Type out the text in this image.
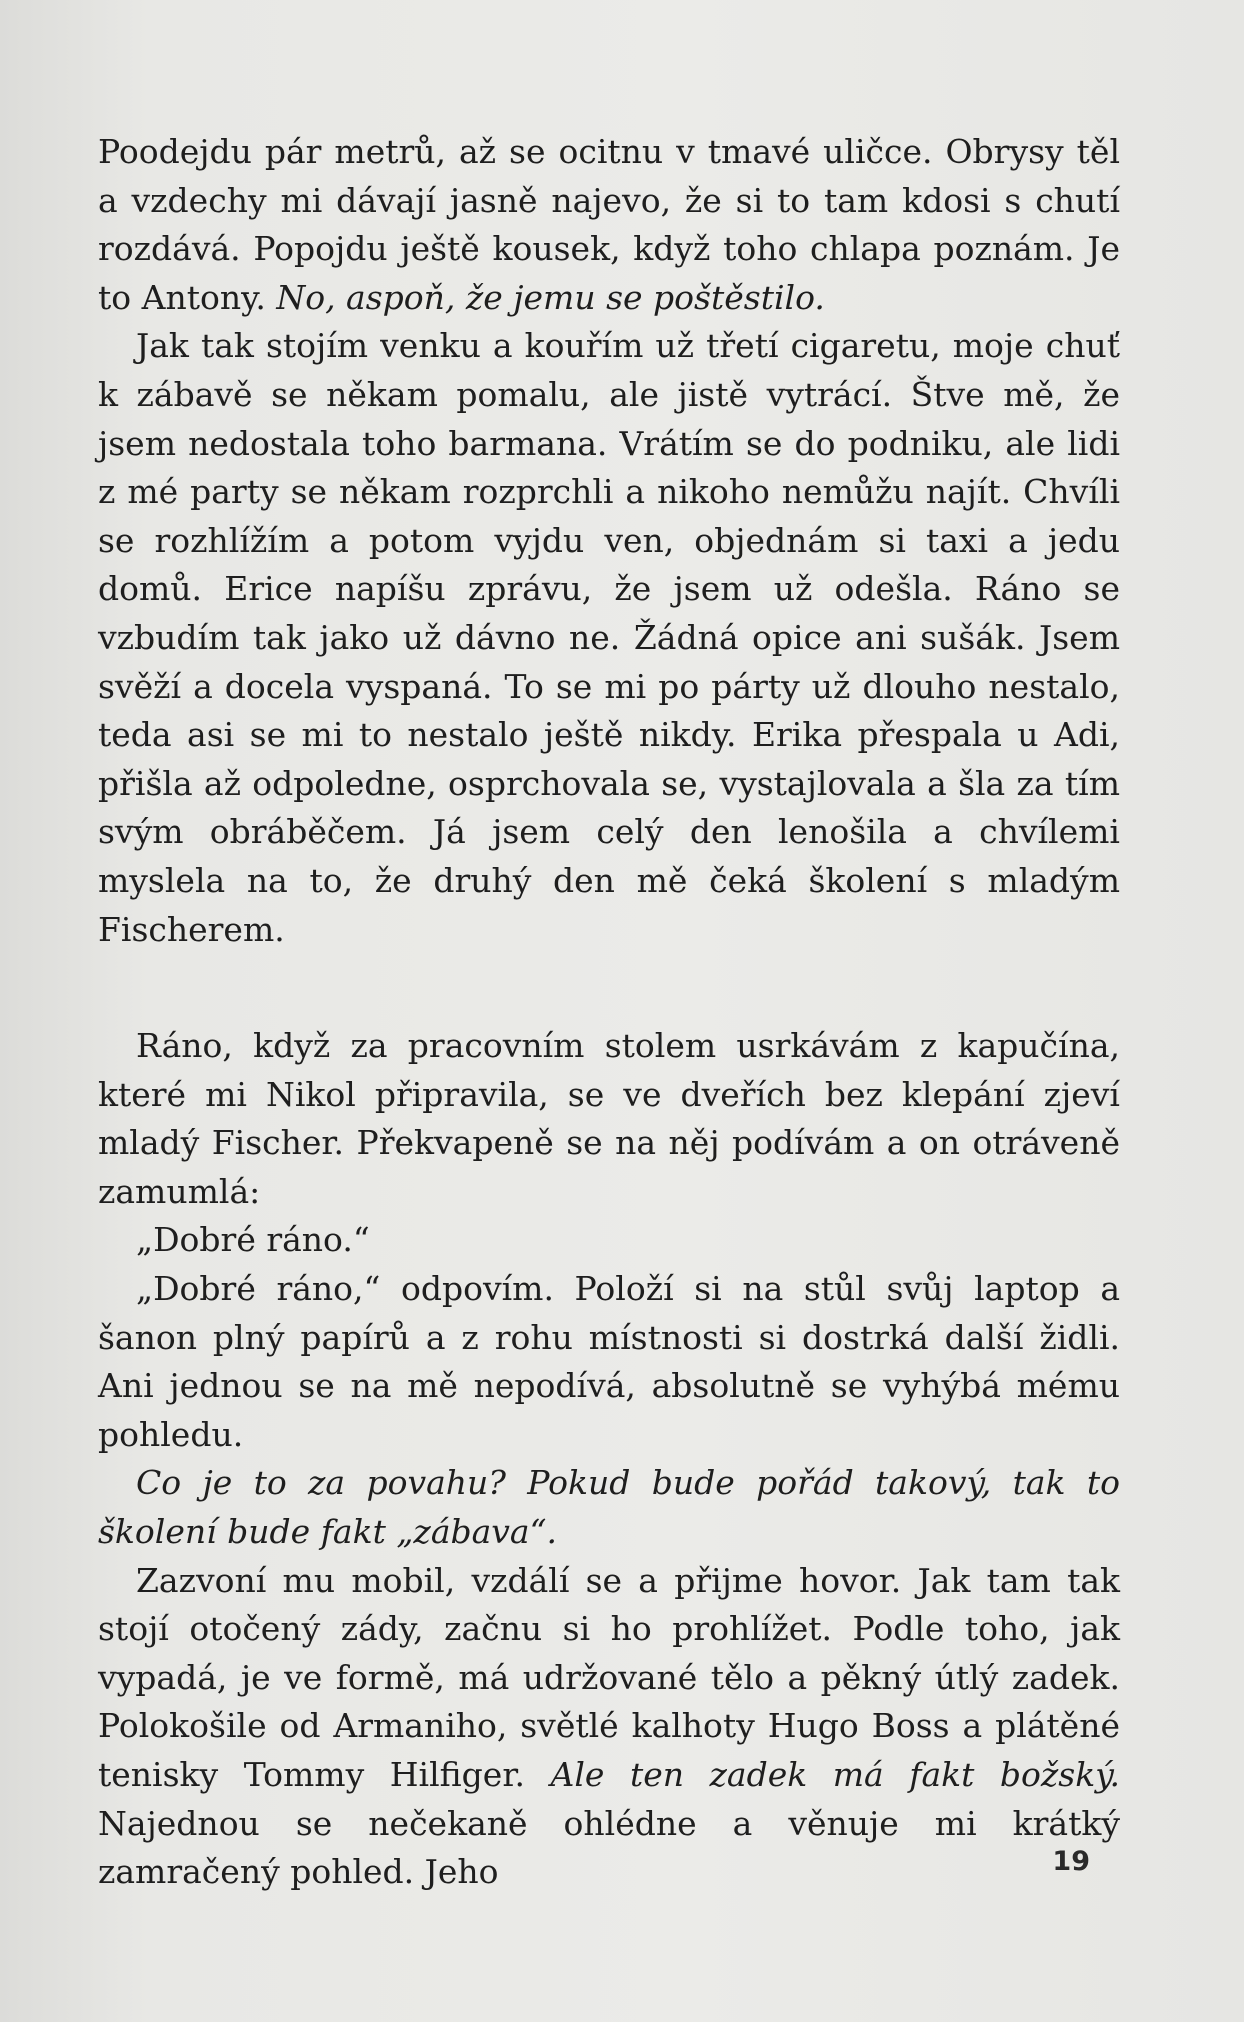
Poodejdu pár metrů, až se ocitnu v tmavé uličce. Obrysy těl a vzdechy mi dávají jasně najevo, že si to tam kdosi s chutí rozdává. Popojdu ještě kousek, když toho chlapa poznám. Je to Antony. No, aspoň, že jemu se poštěstilo.

Jak tak stojím venku a kouřím už třetí cigaretu, moje chuť k zábavě se někam pomalu, ale jistě vytrácí. Štve mě, že jsem nedostala toho barmana. Vrátím se do podniku, ale lidi z mé party se někam rozprchli a nikoho nemůžu najít. Chvíli se rozhlížím a potom vyjdu ven, objednám si taxi a jedu domů. Erice napíšu zprávu, že jsem už odešla. Ráno se vzbudím tak jako už dávno ne. Žádná opice ani sušák. Jsem svěží a docela vyspaná. To se mi po párty už dlouho nestalo, teda asi se mi to nestalo ještě nikdy. Erika přespala u Adi, přišla až odpoledne, osprchovala se, vystajlovala a šla za tím svým obráběčem. Já jsem celý den lenošila a chvílemi myslela na to, že druhý den mě čeká školení s mladým Fischerem.

Ráno, když za pracovním stolem usrkávám z kapučína, které mi Nikol připravila, se ve dveřích bez klepání zjeví mladý Fischer. Překvapeně se na něj podívám a on otráveně zamumlá:

„Dobré ráno.“

„Dobré ráno,“ odpovím. Položí si na stůl svůj laptop a šanon plný papírů a z rohu místnosti si dostrká další židli. Ani jednou se na mě nepodívá, absolutně se vyhýbá mému pohledu.

Co je to za povahu? Pokud bude pořád takový, tak to školení bude fakt „zábava“.

Zazvoní mu mobil, vzdálí se a přijme hovor. Jak tam tak stojí otočený zády, začnu si ho prohlížet. Podle toho, jak vypadá, je ve formě, má udržované tělo a pěkný útlý zadek. Polokošile od Armaniho, světlé kalhoty Hugo Boss a plátěné tenisky Tommy Hilfiger. Ale ten zadek má fakt božský. Najednou se nečekaně ohlédne a věnuje mi krátký zamračený pohled. Jeho	19
